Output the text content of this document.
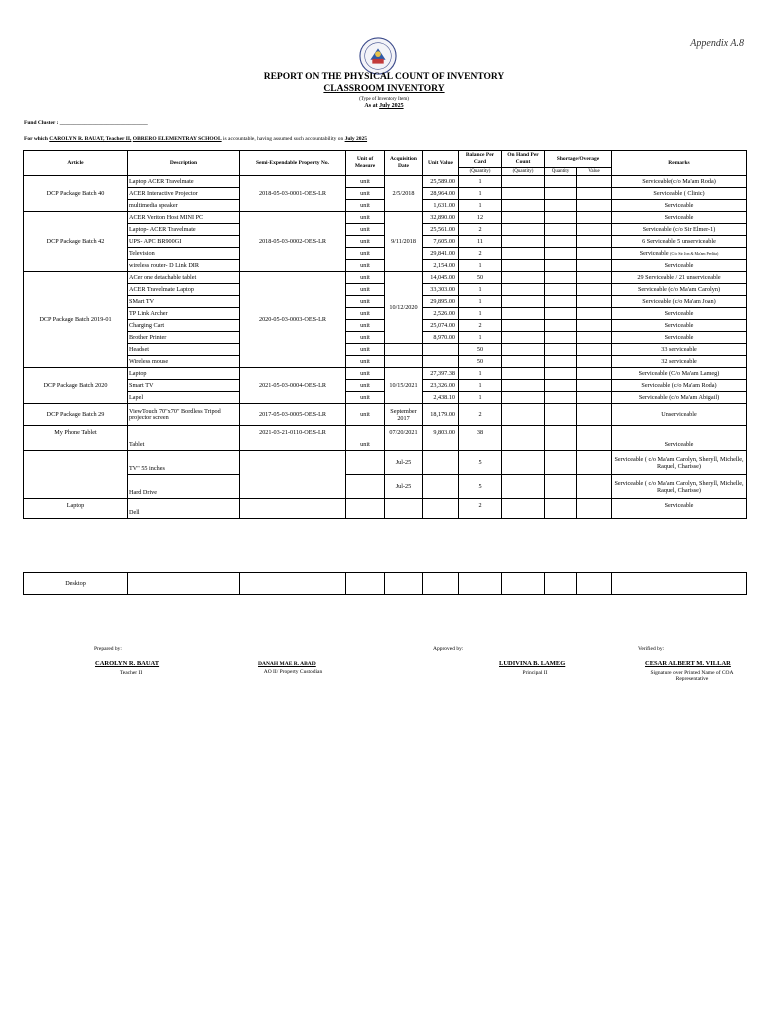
Appendix A.8
REPORT ON THE PHYSICAL COUNT OF INVENTORY
CLASSROOM INVENTORY
(Type of Inventory Item)
As at July 2025
Fund Cluster : ________________________________
For which CAROLYN R. BAUAT, Teacher II, OBRERO ELEMENTRAY SCHOOL is accountable, having assumed such accountability on July 2025
Article	Description	Semi-Expendable Property No.	Unit of Measure	Acquisition Date	Unit Value	Balance Per Card	On Hand Per Count	Shortage/Overage		Remarks
						(Quantity)	(Quantity)	Quantity	Value	
DCP Package Batch 40	Laptop ACER Travelmate	2018-05-03-0001-OES-LR	unit	2/5/2018	25,589.00	1				Serviceable(c/o Ma'am Roda)
	ACER Interactive Projector		unit		28,964.00	1				Serviceable ( Clinic)
	multimedia speaker		unit		1,631.00	1				Serviceable
DCP Package Batch 42	ACER Veriton Host MINI PC	2018-05-03-0002-OES-LR	unit	9/11/2018	32,890.00	12				Serviceable
	Laptop- ACER Travelmate		unit		25,561.00	2				Serviceable (c/o Sir Elmer-1)
	UPS- APC BR900GI		unit		7,605.00	11				6 Serviceable 5 unserviceable
	Television		unit		29,841.00	2				Serviceable (C/o Sir Jon & Ma'am Perlita)
	wireless router- D Link DIR		unit		2,154.00	1				Serviceable
DCP Package Batch 2019-01	ACer one detachable tablet	2020-05-03-0003-OES-LR	unit	10/12/2020	14,045.00	50				29 Serviceable / 21 unserviceable
	ACER Travelmate Laptop		unit		33,303.00	1				Serviceable (c/o Ma'am Carolyn)
	SMart TV		unit		29,895.00	1				Serviceable (c/o Ma'am Joan)
	TP Link Archer		unit		2,526.00	1				Serviceable
	Charging Cart		unit		25,074.00	2				Serviceable
	Brother Printer		unit		8,970.00	1				Serviceable
	Headset		unit			50				33 serviceable
	Wireless mouse		unit			50				32 serviceable
DCP Package Batch 2020	Laptop	2021-05-03-0004-OES-LR	unit	10/15/2021	27,397.38	1				Serviceable (C/o Ma'am Lameg)
	Smart TV		unit		23,326.00	1				Serviceable (c/o Ma'am Roda)
	Lapel		unit		2,438.10	1				Serviceable (c/o Ma'am Abigail)
DCP Package Batch 29	ViewTouch 70"x70" Bordless Tripod projector screen	2017-05-03-0005-OES-LR	unit	September 2017	18,179.00	2				Unserviceable
My Phone Tablet	Tablet	2021-03-21-0110-OES-LR	unit	07/20/2021	9,803.00	38				Serviceable
	TV" 55 inches			Jul-25		5				Serviceable ( c/o Ma'am Carolyn, Sheryll, Michelle, Raquel, Charisse)
	Hard Drive			Jul-25		5				Serviceable ( c/o Ma'am Carolyn, Sheryll, Michelle, Raquel, Charisse)
Laptop	Dell					2				Serviceable

Desktop										
Prepared by:	Approved by:	Verified by:
CAROLYN R. BAUAT
Teacher II
DANAH MAE R. ABAD
AO II/ Property Custodian
LUDIVINA B. LAMEG
Principal II
CESAR ALBERT M. VILLAR
Signature over Printed Name of COA Representative
